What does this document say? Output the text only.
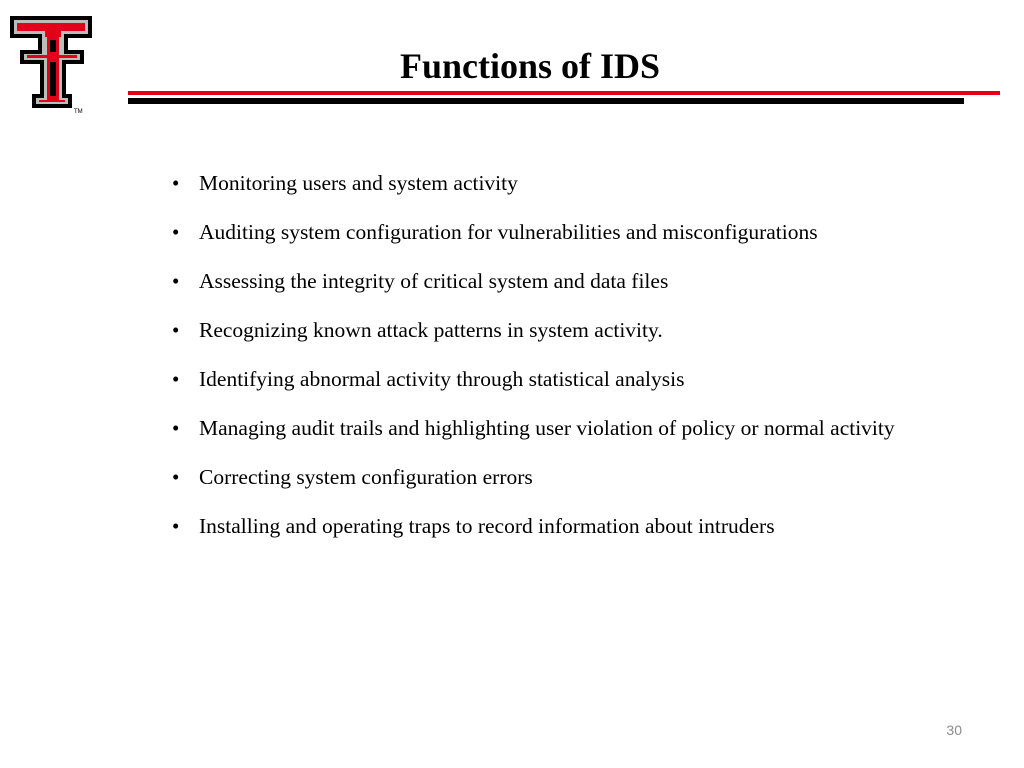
TM
Functions of IDS
• Monitoring users and system activity
• Auditing system configuration for vulnerabilities and misconfigurations
• Assessing the integrity of critical system and data files
• Recognizing known attack patterns in system activity.
• Identifying abnormal activity through statistical analysis
• Managing audit trails and highlighting user violation of policy or normal activity
• Correcting system configuration errors
• Installing and operating traps to record information about intruders
30
